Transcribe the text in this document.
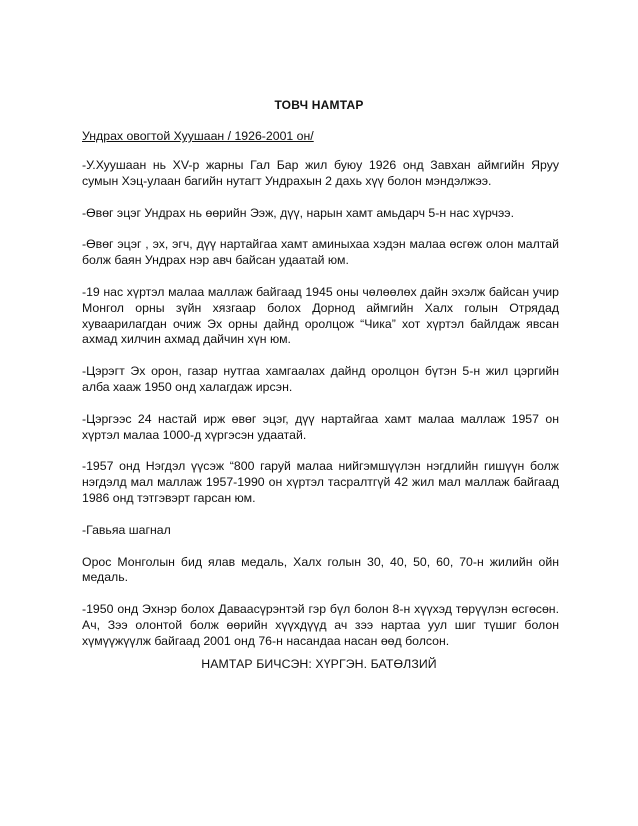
ТОВЧ НАМТАР
Ундрах овогтой Хуушаан / 1926-2001 он/

-У.Хуушаан нь XV-р жарны Гал Бар жил буюу 1926 онд Завхан аймгийн Яруу сумын Хэц-улаан багийн нутагт Ундрахын 2 дахь хүү болон мэндэлжээ.

-Өвөг эцэг Ундрах нь өөрийн Ээж, дүү, нарын хамт амьдарч 5-н нас хүрчээ.

-Өвөг эцэг , эх, эгч, дүү нартайгаа хамт аминыхаа хэдэн малаа өсгөж олон малтай болж баян Ундрах нэр авч байсан удаатай юм.

-19 нас хүртэл малаа маллаж байгаад 1945 оны чөлөөлөх дайн эхэлж байсан учир Монгол орны зүйн хязгаар болох Дорнод аймгийн Халх голын Отрядад хуваарилагдан очиж Эх орны дайнд оролцож “Чика” хот хүртэл байлдаж явсан ахмад хилчин ахмад дайчин хүн юм.

-Цэрэгт Эх орон, газар нутгаа хамгаалах дайнд оролцон бүтэн 5-н жил цэргийн алба хааж 1950 онд халагдаж ирсэн.

-Цэргээс 24 настай ирж өвөг эцэг, дүү нартайгаа хамт малаа маллаж 1957 он хүртэл малаа 1000-д хүргэсэн удаатай.

-1957 онд Нэгдэл үүсэж “800 гаруй малаа нийгэмшүүлэн нэгдлийн гишүүн болж нэгдэлд мал маллаж 1957-1990 он хүртэл тасралтгүй 42 жил мал маллаж байгаад 1986 онд тэтгэвэрт гарсан юм.

-Гавьяа шагнал

Орос Монголын бид ялав медаль, Халх голын 30, 40, 50, 60, 70-н жилийн ойн медаль.

-1950 онд Эхнэр болох Даваасүрэнтэй гэр бүл болон 8-н хүүхэд төрүүлэн өсгөсөн. Ач, Зээ олонтой болж өөрийн хүүхдүүд ач зээ нартаа уул шиг түшиг болон хүмүүжүүлж байгаад 2001 онд 76-н насандаа насан өөд болсон.

НАМТАР БИЧСЭН: ХҮРГЭН. БАТӨЛЗИЙ
